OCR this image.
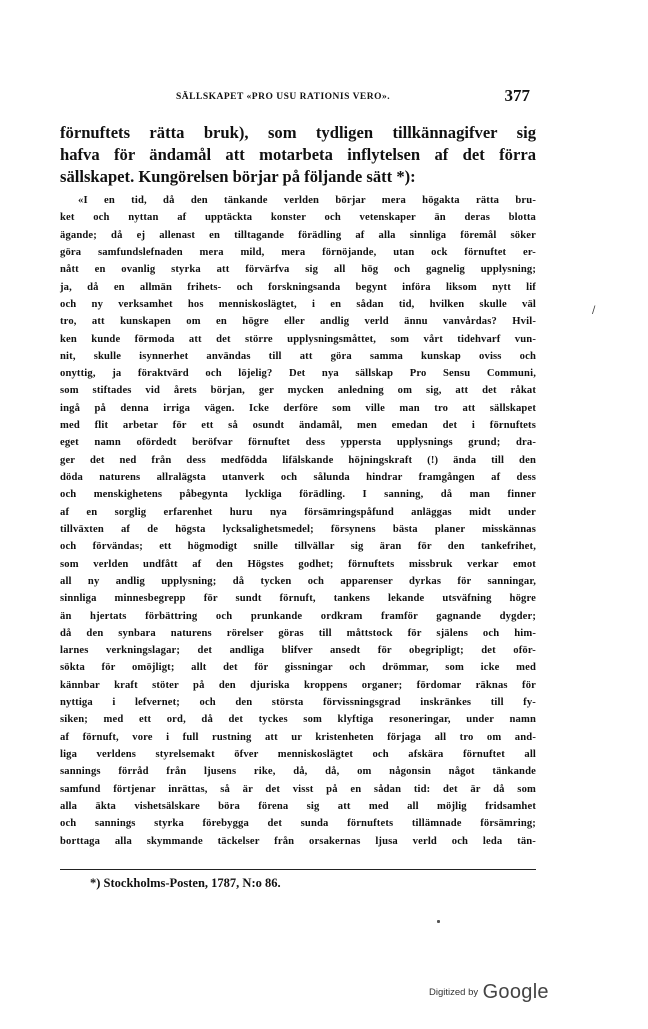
SÄLLSKAPET «PRO USU RATIONIS VERO».	377
förnuftets rätta bruk), som tydligen tillkännagifver sig
hafva för ändamål att motarbeta inflytelsen af det förra
sällskapet. Kungörelsen börjar på följande sätt *):
«I en tid, då den tänkande verlden börjar mera högakta rätta bru-
ket och nyttan af upptäckta konster och vetenskaper än deras blotta
ägande; då ej allenast en tilltagande förädling af alla sinnliga föremål söker
göra samfundslefnaden mera mild, mera förnöjande, utan ock förnuftet er-
nått en ovanlig styrka att förvärfva sig all hög och gagnelig upplysning;
ja, då en allmän frihets- och forskningsanda begynt införa liksom nytt lif
och ny verksamhet hos menniskoslägtet, i en sådan tid, hvilken skulle väl
tro, att kunskapen om en högre eller andlig verld ännu vanvårdas? Hvil-
ken kunde förmoda att det större upplysningsmåttet, som vårt tidehvarf vun-
nit, skulle isynnerhet användas till att göra samma kunskap oviss och
onyttig, ja föraktvärd och löjelig? Det nya sällskap Pro Sensu Communi,
som stiftades vid årets början, ger mycken anledning om sig, att det råkat
ingå på denna irriga vägen. Icke derföre som ville man tro att sällskapet
med flit arbetar för ett så osundt ändamål, men emedan det i förnuftets
eget namn ofördedt beröfvar förnuftet dess yppersta upplysnings grund; dra-
ger det ned från dess medfödda lifälskande höjningskraft (!) ända till den
döda naturens allralägsta utanverk och sålunda hindrar framgången af dess
och menskighetens påbegynta lyckliga förädling. I sanning, då man finner
af en sorglig erfarenhet huru nya försämringspåfund anläggas midt under
tillväxten af de högsta lycksalighetsmedel; försynens bästa planer misskännas
och förvändas; ett högmodigt snille tillvällar sig äran för den tankefrihet,
som verlden undfått af den Högstes godhet; förnuftets missbruk verkar emot
all ny andlig upplysning; då tycken och apparenser dyrkas för sanningar,
sinnliga minnesbegrepp för sundt förnuft, tankens lekande utsväfning högre
än hjertats förbättring och prunkande ordkram framför gagnande dygder;
då den synbara naturens rörelser göras till måttstock för själens och him-
larnes verkningslagar; det andliga blifver ansedt för obegripligt; det oför-
sökta för omöjligt; allt det för gissningar och drömmar, som icke med
kännbar kraft stöter på den djuriska kroppens organer; fördomar räknas för
nyttiga i lefvernet; och den största förvissningsgrad inskränkes till fy-
siken; med ett ord, då det tyckes som klyftiga resoneringar, under namn
af förnuft, vore i full rustning att ur kristenheten förjaga all tro om and-
liga verldens styrelsemakt öfver menniskoslägtet och afskära förnuftet all
sannings förråd från ljusens rike, då, då, om någonsin något tänkande
samfund förtjenar inrättas, så är det visst på en sådan tid: det är då som
alla äkta vishetsälskare böra förena sig att med all möjlig fridsamhet
och sannings styrka förebygga det sunda förnuftets tillämnade försämring;
borttaga alla skymmande täckelser från orsakernas ljusa verld och leda tän-
/
*) Stockholms-Posten, 1787, N:o 86.
Digitized by Google
